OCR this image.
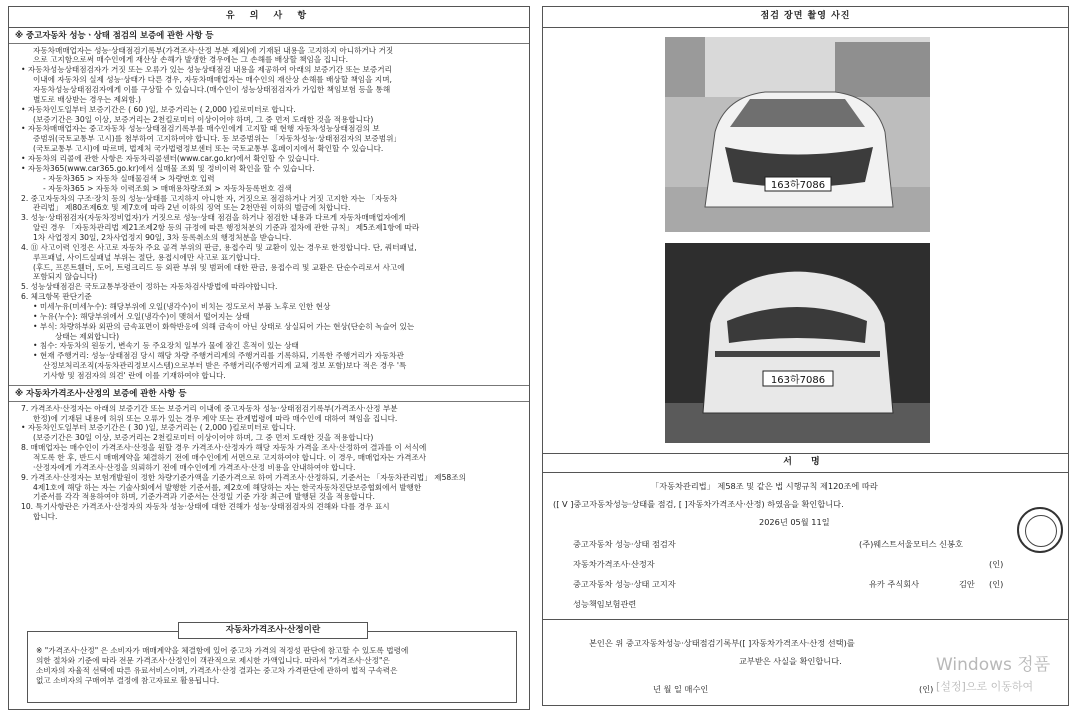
유 의 사 항
※ 중고자동차 성능ㆍ상태 점검의 보증에 관한 사항 등

자동차매매업자는 성능·상태점검기록부(가격조사·산정 부분 제외)에 기재된 내용을 고지하지 아니하거나 거짓

으로 고지함으로써 매수인에게 재산상 손해가 발생한 경우에는 그 손해를 배상할 책임을 집니다.

• 자동차성능상태점검자가 거짓 또는 오류가 있는 성능상태점검 내용을 제공하여 아래의 보증기간 또는 보증거리

이내에 자동차의 실제 성능·상태가 다른 경우, 자동차매매업자는 매수인의 재산상 손해를 배상할 책임을 지며,

자동차성능상태점검자에게 이를 구상할 수 있습니다.(매수인이 성능상태점검자가 가입한 책임보험 등을 통해

별도로 배상받는 경우는 제외함.)

• 자동차인도일부터 보증기간은 ( 60 )일, 보증거리는 ( 2,000 )킬로미터로 합니다.

(보증기간은 30일 이상, 보증거리는 2천킬로미터 이상이어야 하며, 그 중 먼저 도래한 것을 적용합니다)

• 자동차매매업자는 중고자동차 성능·상태점검기록부를 매수인에게 고지할 때 현행 자동차성능상태점검의 보

증범위(국토교통부 고시)를 첨부하여 고지하여야 합니다. 동 보증범위는 「자동차성능·상태점검자의 보증범위」

(국토교통부 고시)에 따르며, 법제처 국가법령정보센터 또는 국토교통부 홈페이지에서 확인할 수 있습니다.

• 자동차의 리콜에 관한 사항은 자동차리콜센터(www.car.go.kr)에서 확인할 수 있습니다.

• 자동차365(www.car365.go.kr)에서 실매물 조회 및 정비이력 확인을 할 수 있습니다.

- 자동차365 > 자동차 실매물검색 > 차량번호 입력

- 자동차365 > 자동차 이력조회 > 매매용차량조회 > 자동차등록번호 검색

2. 중고자동차의 구조·장치 등의 성능·상태를 고지하지 아니한 자, 거짓으로 점검하거나 거짓 고지한 자는 「자동차

관리법」 제80조제6호 및 제7호에 따라 2년 이하의 징역 또는 2천만원 이하의 벌금에 처합니다.

3. 성능·상태점검자(자동차정비업자)가 거짓으로 성능·상태 점검을 하거나 점검한 내용과 다르게 자동차매매업자에게

알린 경우 「자동차관리법 제21조제2항 등의 규정에 따른 행정처분의 기준과 절차에 관한 규칙」 제5조제1항에 따라

1차 사업정지 30일, 2차사업정지 90일, 3차 등록취소의 행정처분을 받습니다.

4. ⑪ 사고이력 인정은 사고로 자동차 주요 골격 부위의 판금, 용접수리 및 교환이 있는 경우로 한정합니다. 단, 쿼터패널,

루프패널, 사이드실패널 부위는 절단, 용접시에만 사고로 표기합니다.

(후드, 프론트휀더, 도어, 트렁크리드 등 외판 부위 및 범퍼에 대한 판금, 용접수리 및 교환은 단순수리로서 사고에

포함되지 않습니다)

5. 성능상태점검은 국토교통부장관이 정하는 자동차검사방법에 따라야합니다.

6. 체크항목 판단기준

• 미세누유(미세누수): 해당부위에 오일(냉각수)이 비치는 정도로서 부품 노후로 인한 현상

• 누유(누수): 해당부위에서 오일(냉각수)이 맺혀서 떨어지는 상태

• 부식: 차량하부와 외판의 금속표면이 화학반응에 의해 금속이 아닌 상태로 상실되어 가는 현상(단순히 녹슬어 있는

상태는 제외합니다)

• 침수: 자동차의 원동기, 변속기 등 주요장치 일부가 물에 잠긴 흔적이 있는 상태

• 현재 주행거리: 성능·상태점검 당시 해당 차량 주행거리계의 주행거리를 기록하되, 기록한 주행거리가 자동차관

산정보처리조직(자동차관리정보시스템)으로부터 받은 주행거리(주행거리계 교체 정보 포함)보다 적은 경우 '특

기사항 및 점검자의 의견' 란에 이를 기재하여야 합니다.

※ 자동차가격조사·산정의 보증에 관한 사항 등

7. 가격조사·산정자는 아래의 보증기간 또는 보증거리 이내에 중고자동차 성능·상태점검기록부(가격조사·산정 부분

한정)에 기재된 내용에 허위 또는 오류가 있는 경우 계약 또는 관계법령에 따라 매수인에 대하여 책임을 집니다.

• 자동차인도일부터 보증기간은 ( 30 )일, 보증거리는 ( 2,000 )킬로미터로 합니다.

(보증기간은 30일 이상, 보증거리는 2천킬로미터 이상이어야 하며, 그 중 먼저 도래한 것을 적용합니다)

8. 매매업자는 매수인이 가격조사·산정을 원할 경우 가격조사·산정자가 해당 자동차 가격을 조사·산정하여 결과를 이 서식에

적도록 한 후, 반드시 매매계약을 체결하기 전에 매수인에게 서면으로 고지하여야 합니다. 이 경우, 매매업자는 가격조사

·산정자에게 가격조사·산정을 의뢰하기 전에 매수인에게 가격조사·산정 비용을 안내하여야 합니다.

9. 가격조사·산정자는 보험개발원이 정한 차량기준가액을 기준가격으로 하여 가격조사·산정하되, 기준서는 「자동차관리법」 제58조의

4제1호에 해당 하는 자는 기술사회에서 발행한 기준서를, 제2호에 해당하는 자는 한국자동차진단보증협회에서 발행한

기준서를 각각 적용하여야 하며, 기준가격과 기준서는 산정일 기준 가장 최근에 발행된 것을 적용합니다.

10. 특기사항란은 가격조사·산정자의 자동차 성능·상태에 대한 견해가 성능·상태점검자의 견해와 다를 경우 표시

합니다.

자동차가격조사·산정이란

※ "가격조사·산정" 은 소비자가 매매계약을 체결함에 있어 중고차 가격의 적정성 판단에 참고할 수 있도록 법령에

의한 절차와 기준에 따라 전문 가격조사·산정인이 객관적으로 제시한 가액입니다. 따라서 "가격조사·산정"은

소비자의 자율적 선택에 따른 유료서비스이며, 가격조사·산정 결과는 중고차 가격판단에 관하여 법적 구속력은

없고 소비자의 구매여부 결정에 참고자료로 활용됩니다.

점검 장면 촬영 사진
163하7086
163하7086
서 명
「자동차관리법」 제58조 및 같은 법 시행규칙 제120조에 따라
([ V ]중고자동차성능·상태를 점검, [ ]자동차가격조사·산정) 하였음을 확인합니다.
2026년 05월 11일
중고자동차 성능·상태 점검자	(주)웨스트서울모터스 신봉호
자동차가격조사·산정자	(인)
중고자동차 성능·상태 고지자	유카 주식회사	김안 (인)
성능책임보험관련
본인은 위 중고자동차성능·상태점검기록부([ ]자동차가격조사·산정 선택)를
교부받은 사실을 확인합니다.
년 월 일 매수인	(인)
Windows 정품
[설정]으로 이동하여
